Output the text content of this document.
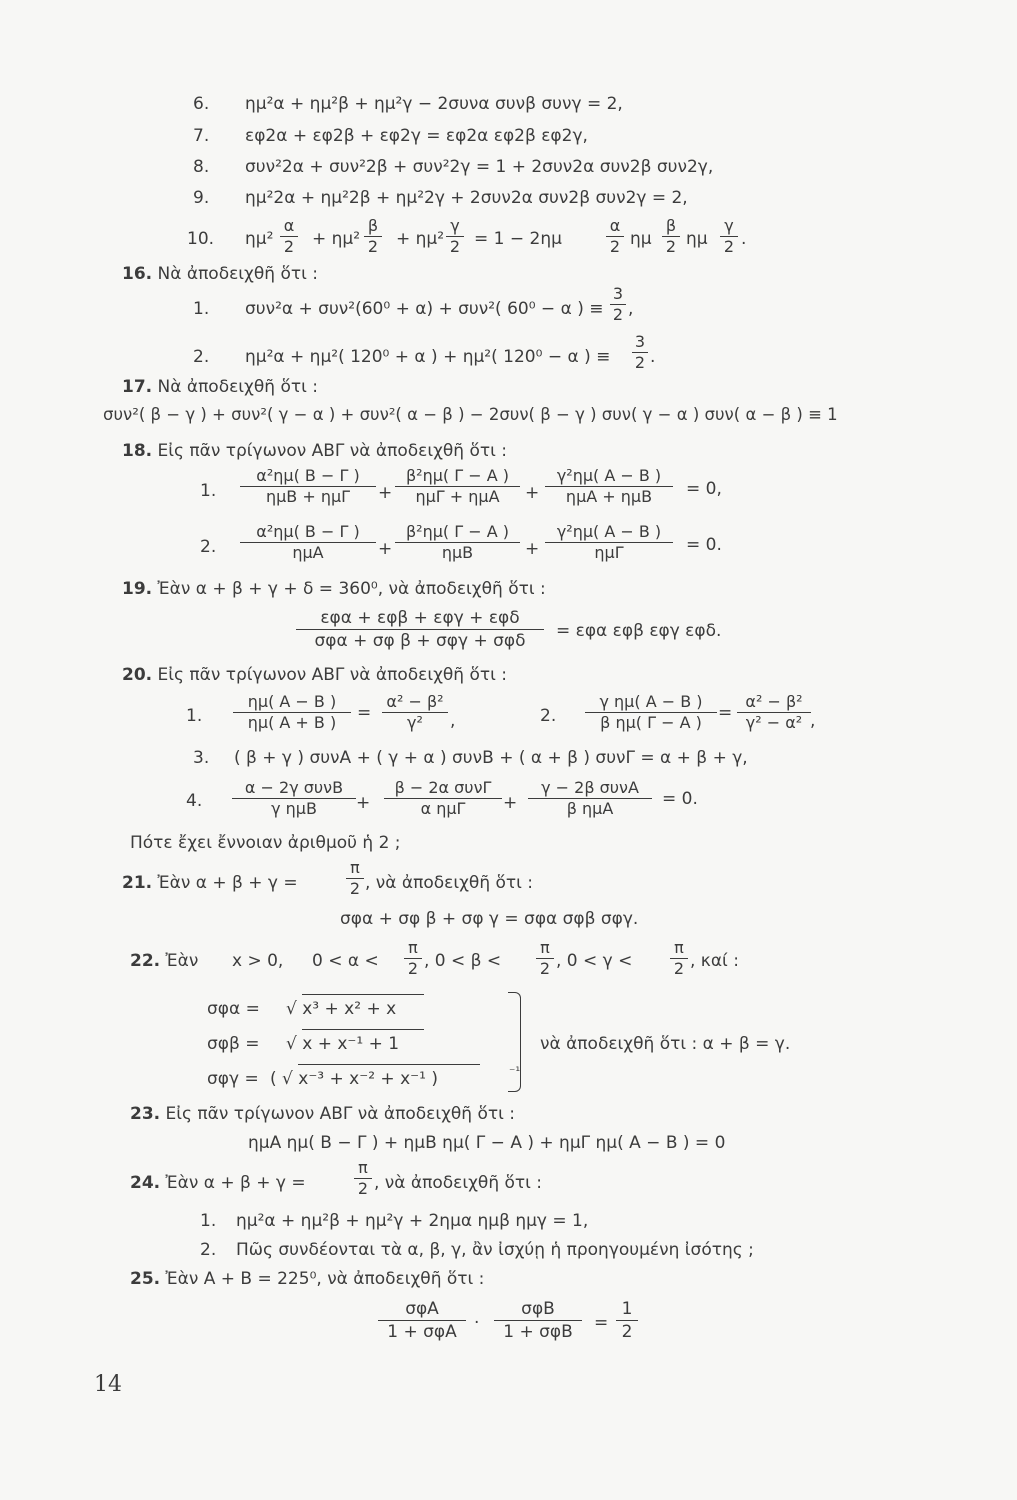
6. ημ²α + ημ²β + ημ²γ − 2συνα συνβ συνγ = 2,
7. εφ2α + εφ2β + εφ2γ = εφ2α εφ2β εφ2γ,
8. συν²2α + συν²2β + συν²2γ = 1 + 2συν2α συν2β συν2γ,
9. ημ²2α + ημ²2β + ημ²2γ + 2συν2α συν2β συν2γ = 2,
10. ημ²
α
2 + ημ²
β
2 + ημ²
γ
2 = 1 − 2ημ
α
2 ημ
β
2 ημ
γ
2 .
16. Νὰ ἀποδειχθῆ ὅτι :
1. συν²α + συν²(60⁰ + α) + συν²( 60⁰ − α ) ≡
3
2 ,
2. ημ²α + ημ²( 120⁰ + α ) + ημ²( 120⁰ − α ) ≡
3
2 .
17. Νὰ ἀποδειχθῆ ὅτι :
συν²( β − γ ) + συν²( γ − α ) + συν²( α − β ) − 2συν( β − γ ) συν( γ − α ) συν( α − β ) ≡ 1
18. Εἰς πᾶν τρίγωνον ΑΒΓ νὰ ἀποδειχθῆ ὅτι :
1.
α²ημ( Β − Γ )
ημΒ + ημΓ	+
β²ημ( Γ − Α )
ημΓ + ημΑ	+
γ²ημ( Α − Β )
ημΑ + ημΒ	= 0,
2.
α²ημ( Β − Γ )
ημΑ	+
β²ημ( Γ − Α )
ημΒ	+
γ²ημ( Α − Β )
ημΓ	= 0.
19. Ἐὰν α + β + γ + δ = 360⁰, νὰ ἀποδειχθῆ ὅτι :
εφα + εφβ + εφγ + εφδ
σφα + σφ β + σφγ + σφδ	= εφα εφβ εφγ εφδ.
20. Εἰς πᾶν τρίγωνον ΑΒΓ νὰ ἀποδειχθῆ ὅτι :
1.
ημ( Α − Β )
ημ( Α + Β )	=
α² − β²
γ²	,	2.
γ ημ( Α − Β )
β ημ( Γ − Α ) =
α² − β²
γ² − α² ,
3. ( β + γ ) συνΑ + ( γ + α ) συνΒ + ( α + β ) συνΓ = α + β + γ,
4.
α − 2γ συνΒ
γ ημΒ	+
β − 2α συνΓ
α ημΓ	+
γ − 2β συνΑ
β ημΑ	= 0.
Πότε ἔχει ἔννοιαν ἀριθμοῦ ἡ 2 ;
21. Ἐὰν α + β + γ =
π
2 , νὰ ἀποδειχθῆ ὅτι :
σφα + σφ β + σφ γ = σφα σφβ σφγ.
22. Ἐὰν x > 0, 0 < α <
π
2 , 0 < β <
π
2 , 0 < γ <
π
2 , καί :
σφα = √ x³ + x² + x
σφβ = √ x + x⁻¹ + 1
σφγ = ( √ x⁻³ + x⁻² + x⁻¹ )	⁻¹
νὰ ἀποδειχθῆ ὅτι : α + β = γ.
23. Εἰς πᾶν τρίγωνον ΑΒΓ νὰ ἀποδειχθῆ ὅτι :
ημΑ ημ( Β − Γ ) + ημΒ ημ( Γ − Α ) + ημΓ ημ( Α − Β ) = 0
24. Ἐὰν α + β + γ =
π
2 , νὰ ἀποδειχθῆ ὅτι :
1. ημ²α + ημ²β + ημ²γ + 2ημα ημβ ημγ = 1,
2. Πῶς συνδέονται τὰ α, β, γ, ἂν ἰσχύῃ ἡ προηγουμένη ἰσότης ;
25. Ἐὰν Α + Β = 225⁰, νὰ ἀποδειχθῆ ὅτι :
σφΑ
1 + σφΑ	·
σφΒ
1 + σφΒ	=
1
2
14
